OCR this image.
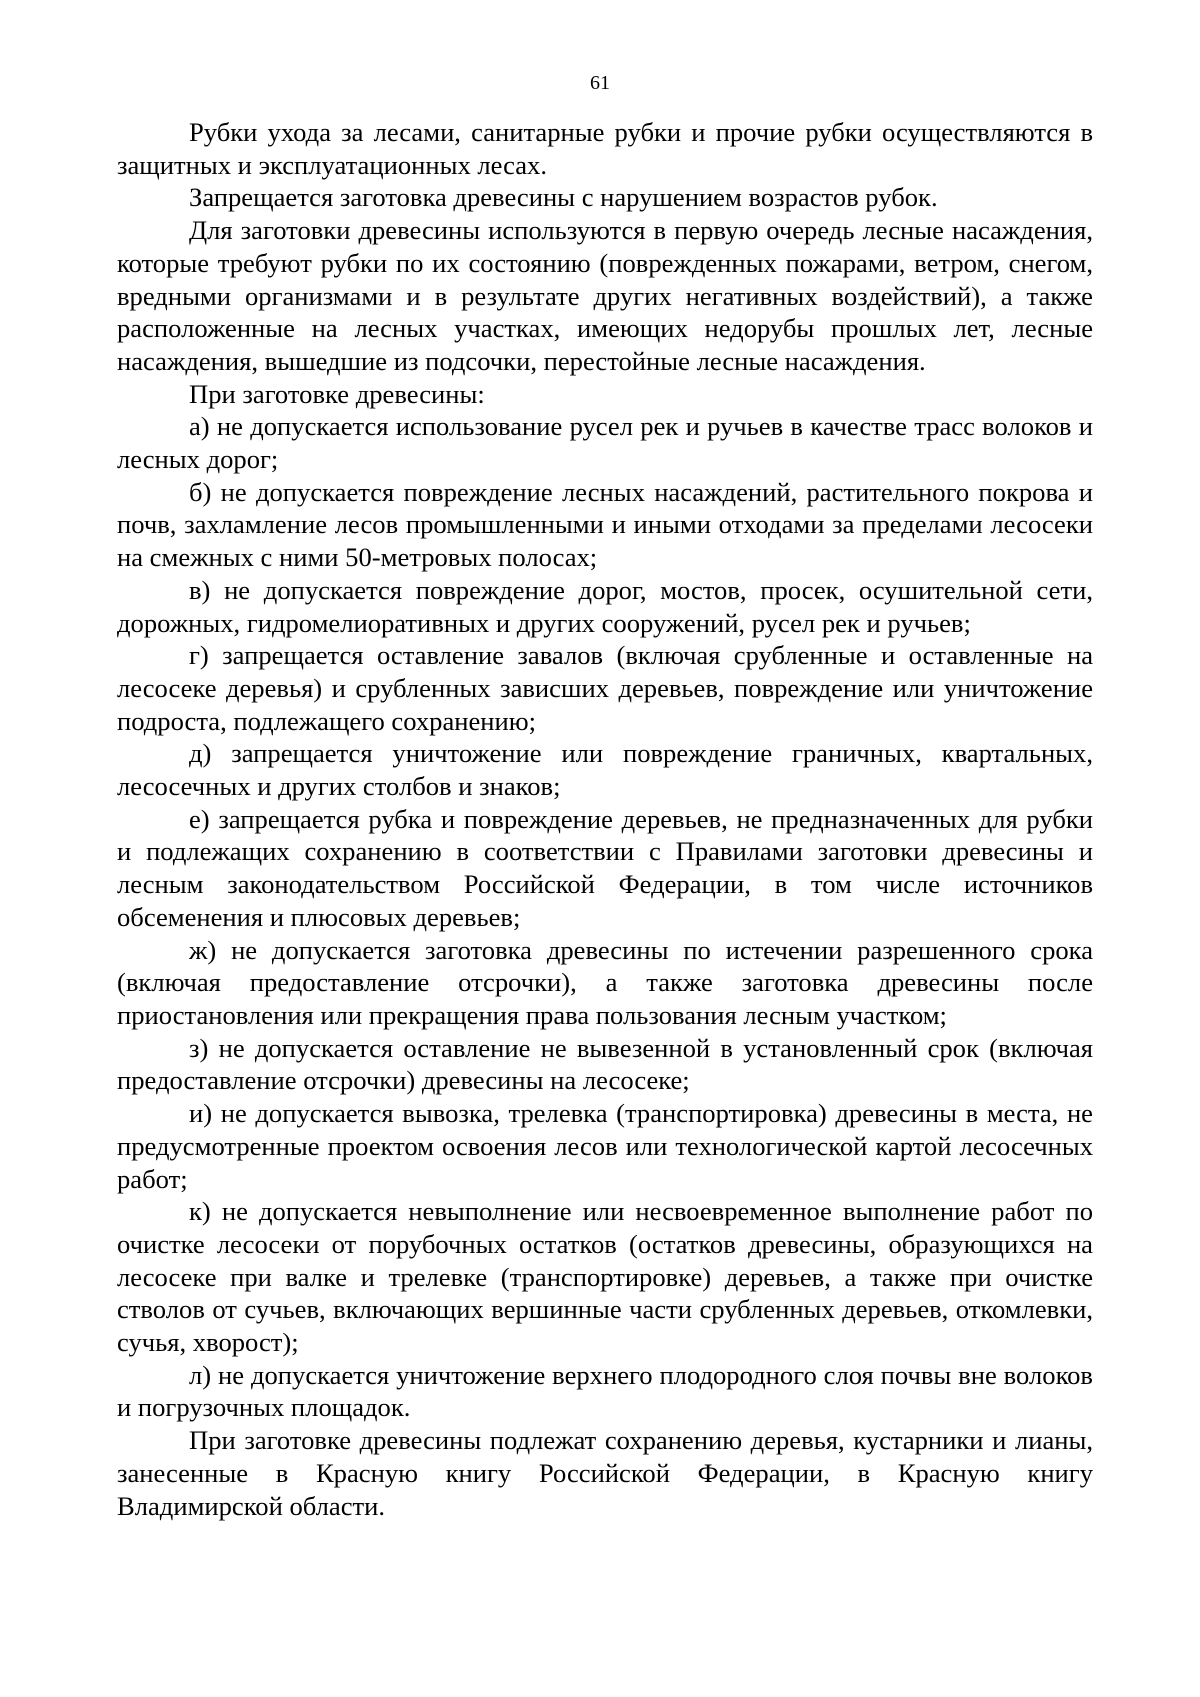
61

Рубки ухода за лесами, санитарные рубки и прочие рубки осуществляются в защитных и эксплуатационных лесах.

Запрещается заготовка древесины с нарушением возрастов рубок.

Для заготовки древесины используются в первую очередь лесные насаждения, которые требуют рубки по их состоянию (поврежденных пожарами, ветром, снегом, вредными организмами и в результате других негативных воздействий), а также расположенные на лесных участках, имеющих недорубы прошлых лет, лесные насаждения, вышедшие из подсочки, перестойные лесные насаждения.

При заготовке древесины:

а) не допускается использование русел рек и ручьев в качестве трасс волоков и лесных дорог;

б) не допускается повреждение лесных насаждений, растительного покрова и почв, захламление лесов промышленными и иными отходами за пределами лесосеки на смежных с ними 50-метровых полосах;

в) не допускается повреждение дорог, мостов, просек, осушительной сети, дорожных, гидромелиоративных и других сооружений, русел рек и ручьев;

г) запрещается оставление завалов (включая срубленные и оставленные на лесосеке деревья) и срубленных зависших деревьев, повреждение или уничтожение подроста, подлежащего сохранению;

д) запрещается уничтожение или повреждение граничных, квартальных, лесосечных и других столбов и знаков;

е) запрещается рубка и повреждение деревьев, не предназначенных для рубки и подлежащих сохранению в соответствии с Правилами заготовки древесины и лесным законодательством Российской Федерации, в том числе источников обсеменения и плюсовых деревьев;

ж) не допускается заготовка древесины по истечении разрешенного срока (включая предоставление отсрочки), а также заготовка древесины после приостановления или прекращения права пользования лесным участком;

з) не допускается оставление не вывезенной в установленный срок (включая предоставление отсрочки) древесины на лесосеке;

и) не допускается вывозка, трелевка (транспортировка) древесины в места, не предусмотренные проектом освоения лесов или технологической картой лесосечных работ;

к) не допускается невыполнение или несвоевременное выполнение работ по очистке лесосеки от порубочных остатков (остатков древесины, образующихся на лесосеке при валке и трелевке (транспортировке) деревьев, а также при очистке стволов от сучьев, включающих вершинные части срубленных деревьев, откомлевки, сучья, хворост);

л) не допускается уничтожение верхнего плодородного слоя почвы вне волоков и погрузочных площадок.

При заготовке древесины подлежат сохранению деревья, кустарники и лианы, занесенные в Красную книгу Российской Федерации, в Красную книгу Владимирской области.
